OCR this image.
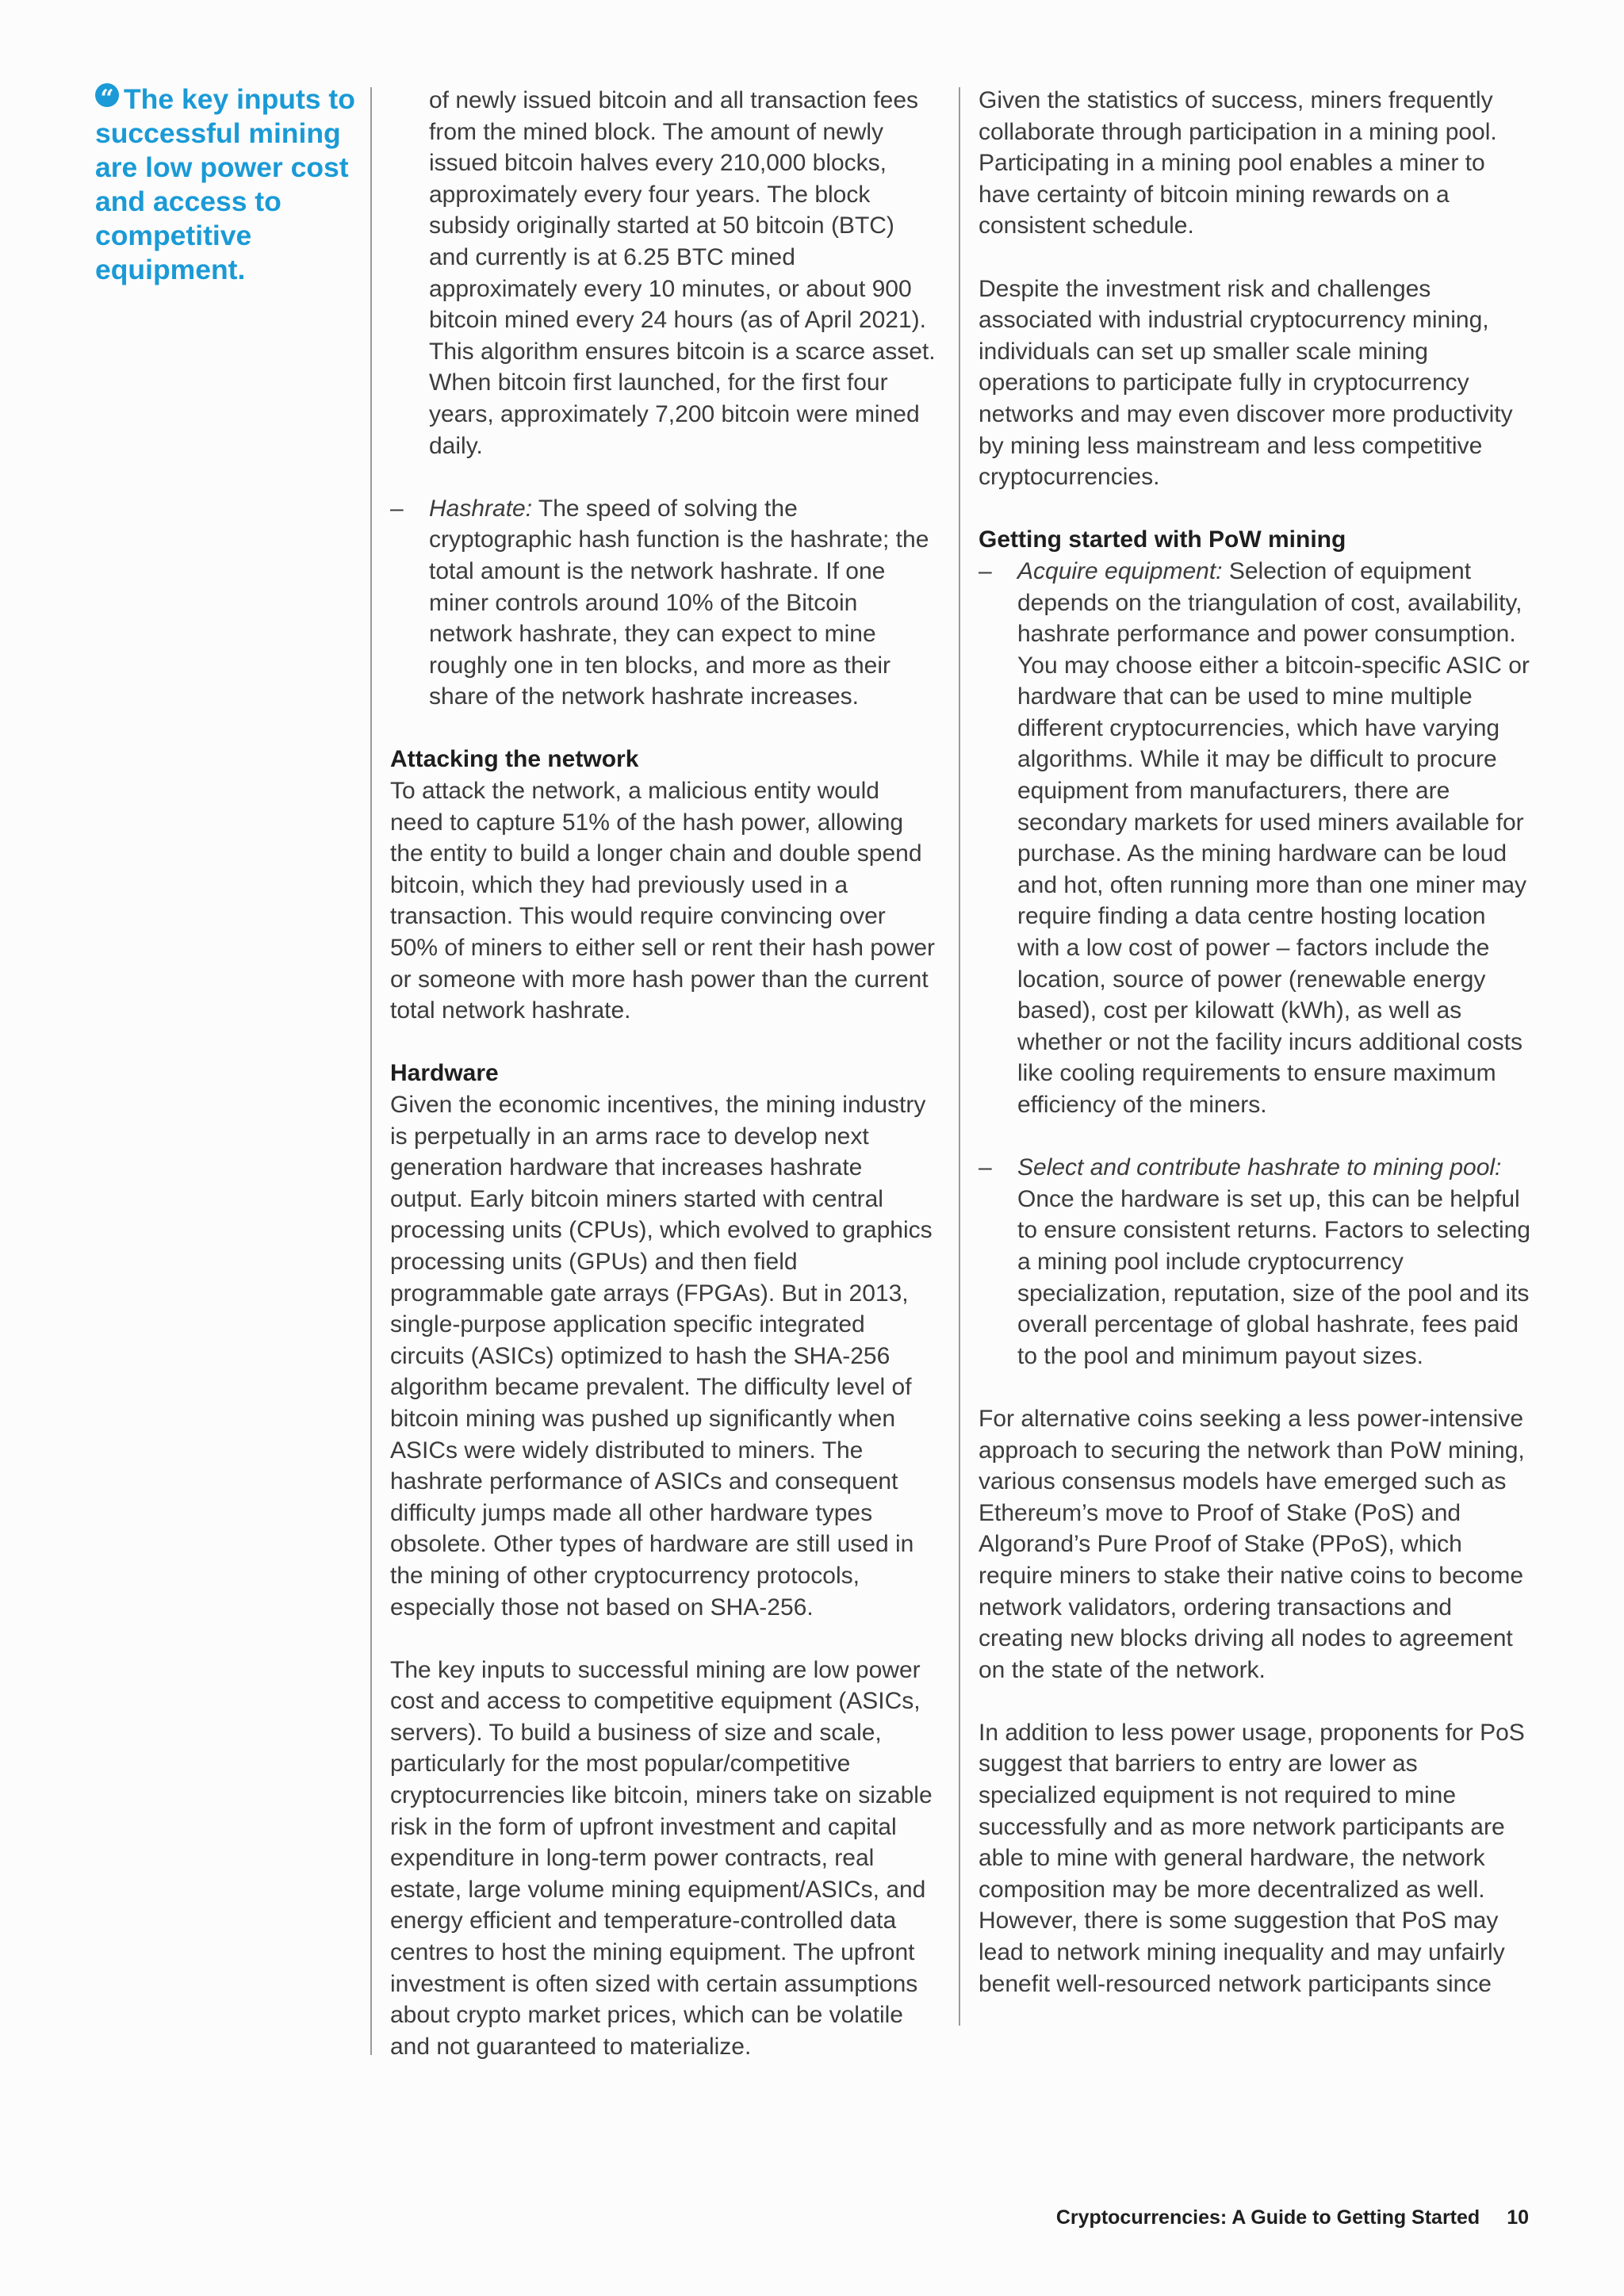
“ The key inputs to successful mining are low power cost and access to competitive equipment.

of newly issued bitcoin and all transaction fees from the mined block. The amount of newly issued bitcoin halves every 210,000 blocks, approximately every four years. The block subsidy originally started at 50 bitcoin (BTC) and currently is at 6.25 BTC mined approximately every 10 minutes, or about 900 bitcoin mined every 24 hours (as of April 2021). This algorithm ensures bitcoin is a scarce asset. When bitcoin first launched, for the first four years, approximately 7,200 bitcoin were mined daily.

– Hashrate: The speed of solving the cryptographic hash function is the hashrate; the total amount is the network hashrate. If one miner controls around 10% of the Bitcoin network hashrate, they can expect to mine roughly one in ten blocks, and more as their share of the network hashrate increases.

Attacking the network

To attack the network, a malicious entity would need to capture 51% of the hash power, allowing the entity to build a longer chain and double spend bitcoin, which they had previously used in a transaction. This would require convincing over 50% of miners to either sell or rent their hash power or someone with more hash power than the current total network hashrate.

Hardware

Given the economic incentives, the mining industry is perpetually in an arms race to develop next generation hardware that increases hashrate output. Early bitcoin miners started with central processing units (CPUs), which evolved to graphics processing units (GPUs) and then field programmable gate arrays (FPGAs). But in 2013, single-purpose application specific integrated circuits (ASICs) optimized to hash the SHA-256 algorithm became prevalent. The difficulty level of bitcoin mining was pushed up significantly when ASICs were widely distributed to miners. The hashrate performance of ASICs and consequent difficulty jumps made all other hardware types obsolete. Other types of hardware are still used in the mining of other cryptocurrency protocols, especially those not based on SHA-256.

The key inputs to successful mining are low power cost and access to competitive equipment (ASICs, servers). To build a business of size and scale, particularly for the most popular/competitive cryptocurrencies like bitcoin, miners take on sizable risk in the form of upfront investment and capital expenditure in long-term power contracts, real estate, large volume mining equipment/ASICs, and energy efficient and temperature-controlled data centres to host the mining equipment. The upfront investment is often sized with certain assumptions about crypto market prices, which can be volatile and not guaranteed to materialize.

Given the statistics of success, miners frequently collaborate through participation in a mining pool. Participating in a mining pool enables a miner to have certainty of bitcoin mining rewards on a consistent schedule.

Despite the investment risk and challenges associated with industrial cryptocurrency mining, individuals can set up smaller scale mining operations to participate fully in cryptocurrency networks and may even discover more productivity by mining less mainstream and less competitive cryptocurrencies.

Getting started with PoW mining

– Acquire equipment: Selection of equipment depends on the triangulation of cost, availability, hashrate performance and power consumption. You may choose either a bitcoin-specific ASIC or hardware that can be used to mine multiple different cryptocurrencies, which have varying algorithms. While it may be difficult to procure equipment from manufacturers, there are secondary markets for used miners available for purchase. As the mining hardware can be loud and hot, often running more than one miner may require finding a data centre hosting location with a low cost of power – factors include the location, source of power (renewable energy based), cost per kilowatt (kWh), as well as whether or not the facility incurs additional costs like cooling requirements to ensure maximum efficiency of the miners.

– Select and contribute hashrate to mining pool: Once the hardware is set up, this can be helpful to ensure consistent returns. Factors to selecting a mining pool include cryptocurrency specialization, reputation, size of the pool and its overall percentage of global hashrate, fees paid to the pool and minimum payout sizes.

For alternative coins seeking a less power-intensive approach to securing the network than PoW mining, various consensus models have emerged such as Ethereum’s move to Proof of Stake (PoS) and Algorand’s Pure Proof of Stake (PPoS), which require miners to stake their native coins to become network validators, ordering transactions and creating new blocks driving all nodes to agreement on the state of the network.

In addition to less power usage, proponents for PoS suggest that barriers to entry are lower as specialized equipment is not required to mine successfully and as more network participants are able to mine with general hardware, the network composition may be more decentralized as well. However, there is some suggestion that PoS may lead to network mining inequality and may unfairly benefit well-resourced network participants since

Cryptocurrencies: A Guide to Getting Started 10
